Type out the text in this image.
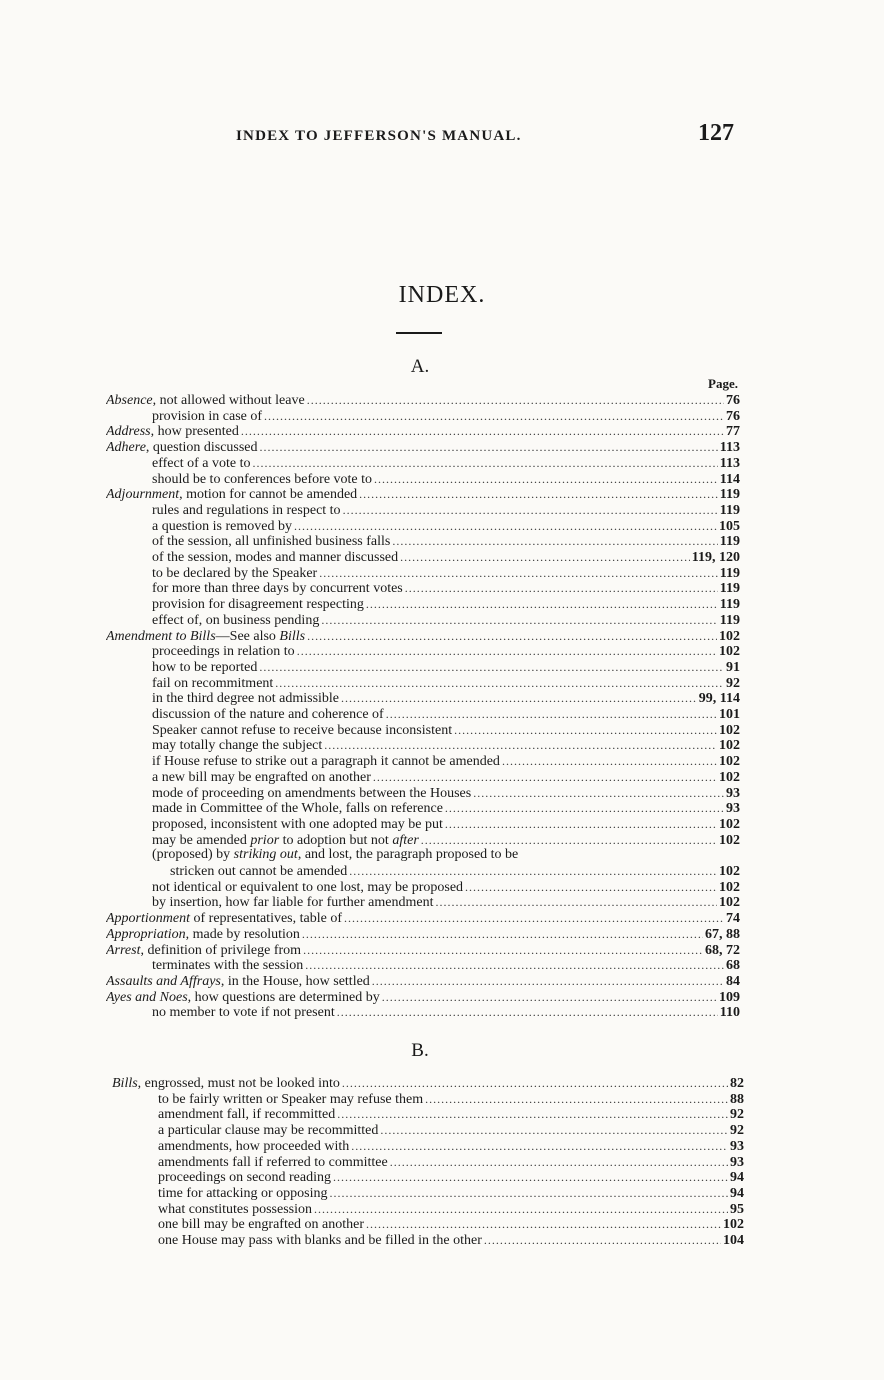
INDEX TO JEFFERSON'S MANUAL.	127
INDEX.
A.
Page.
B.
Absence, not allowed without leave .....	76
provision in case of .....	76
Address, how presented .....	77
Adhere, question discussed .....	113
effect of a vote to .....	113
should be to conferences before vote to .....	114
Adjournment, motion for cannot be amended .....	119
rules and regulations in respect to .....	119
a question is removed by .....	105
of the session, all unfinished business falls .....	119
of the session, modes and manner discussed .....	119, 120
to be declared by the Speaker .....	119
for more than three days by concurrent votes .....	119
provision for disagreement respecting .....	119
effect of, on business pending .....	119
Amendment to Bills—See also Bills .....	102
proceedings in relation to .....	102
how to be reported .....	91
fail on recommitment .....	92
in the third degree not admissible .....	99, 114
discussion of the nature and coherence of .....	101
Speaker cannot refuse to receive because inconsistent .....	102
may totally change the subject .....	102
if House refuse to strike out a paragraph it cannot be amended .....	102
a new bill may be engrafted on another .....	102
mode of proceeding on amendments between the Houses .....	93
made in Committee of the Whole, falls on reference .....	93
proposed, inconsistent with one adopted may be put .....	102
may be amended prior to adoption but not after .....	102
(proposed) by striking out, and lost, the paragraph proposed to be
stricken out cannot be amended .....	102
not identical or equivalent to one lost, may be proposed .....	102
by insertion, how far liable for further amendment .....	102
Apportionment of representatives, table of .....	74
Appropriation, made by resolution .....	67, 88
Arrest, definition of privilege from .....	68, 72
terminates with the session .....	68
Assaults and Affrays, in the House, how settled .....	84
Ayes and Noes, how questions are determined by .....	109
no member to vote if not present .....	110
Bills, engrossed, must not be looked into .....	82
to be fairly written or Speaker may refuse them .....	88
amendment fall, if recommitted .....	92
a particular clause may be recommitted .....	92
amendments, how proceeded with .....	93
amendments fall if referred to committee .....	93
proceedings on second reading .....	94
time for attacking or opposing .....	94
what constitutes possession .....	95
one bill may be engrafted on another .....	102
one House may pass with blanks and be filled in the other .....	104
